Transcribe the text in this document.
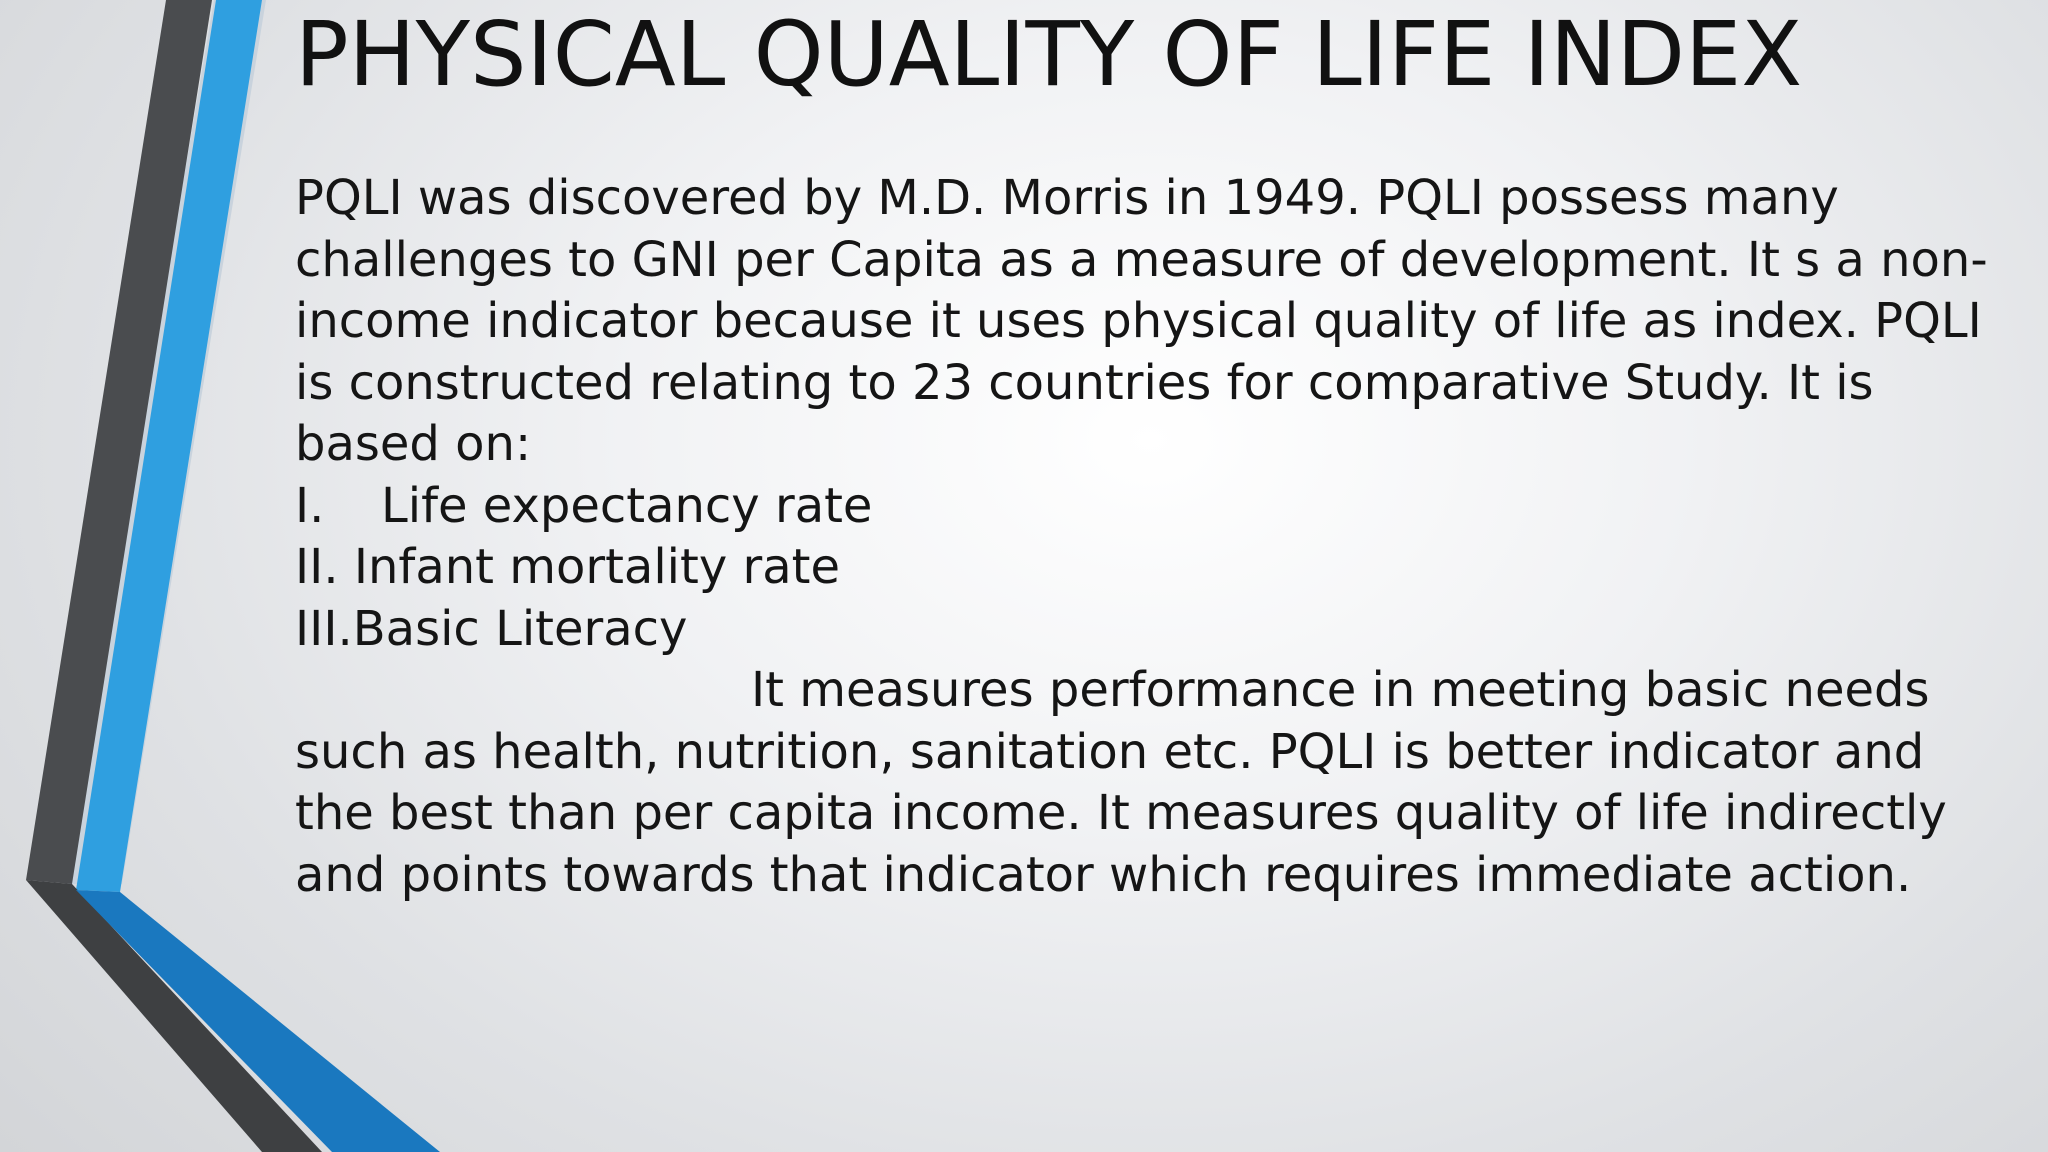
PHYSICAL QUALITY OF LIFE INDEX
PQLI was discovered by M.D. Morris in 1949. PQLI possess many
challenges to GNI per Capita as a measure of development. It s a non-
income indicator because it uses physical quality of life as index. PQLI
is constructed relating to 23 countries for comparative Study. It is
based on:
I. Life expectancy rate
II. Infant mortality rate
III.Basic Literacy
It measures performance in meeting basic needs
such as health, nutrition, sanitation etc. PQLI is better indicator and
the best than per capita income. It measures quality of life indirectly
and points towards that indicator which requires immediate action.
